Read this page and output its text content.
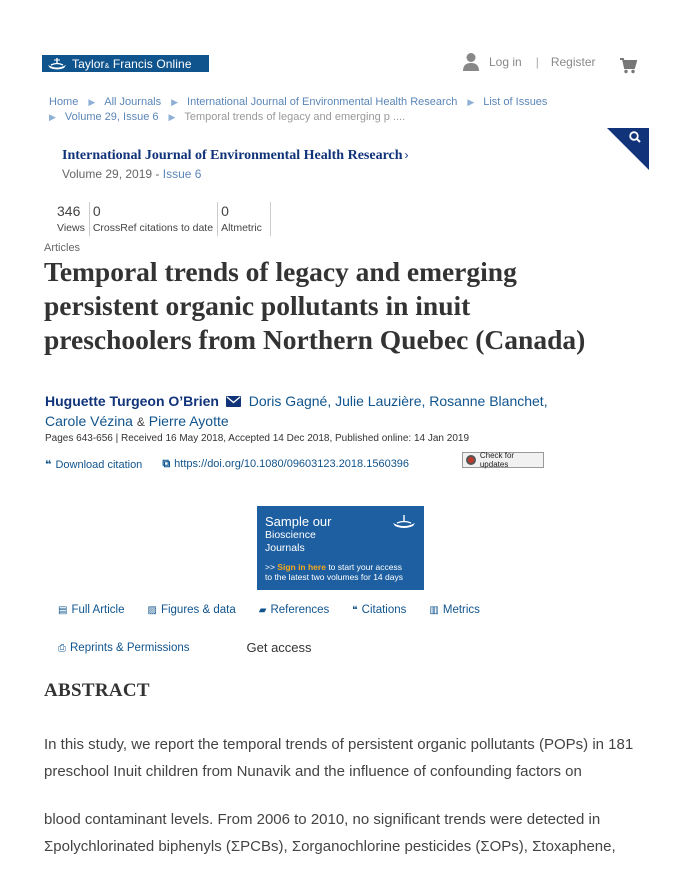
Taylor& Francis Online	Log in | Register
Home ▶ All Journals ▶ International Journal of Environmental Health Research ▶ List of Issues
▶ Volume 29, Issue 6 ▶ Temporal trends of legacy and emerging p ....
International Journal of Environmental Health Research ›
Volume 29, 2019 - Issue 6
346
Views
0
CrossRef citations to date
0
Altmetric
Articles
Temporal trends of legacy and emerging persistent organic pollutants in inuit preschoolers from Northern Quebec (Canada)
Huguette Turgeon O’Brien Doris Gagné, Julie Lauzière, Rosanne Blanchet,
Carole Vézina & Pierre Ayotte
Pages 643-656 | Received 16 May 2018, Accepted 14 Dec 2018, Published online: 14 Jan 2019
❝ Download citation ⧉ https://doi.org/10.1080/09603123.2018.1560396
Check for updates
Sample our
Bioscience
Journals
>> Sign in here to start your access
to the latest two volumes for 14 days
▤ Full Article ▨ Figures & data ▰ References ❝ Citations ▥ Metrics
⎙ Reprints & Permissions	Get access
ABSTRACT

In this study, we report the temporal trends of persistent organic pollutants (POPs) in 181 preschool Inuit children from Nunavik and the influence of confounding factors on

blood contaminant levels. From 2006 to 2010, no significant trends were detected in Σpolychlorinated biphenyls (ΣPCBs), Σorganochlorine pesticides (ΣOPs), Σtoxaphene,
